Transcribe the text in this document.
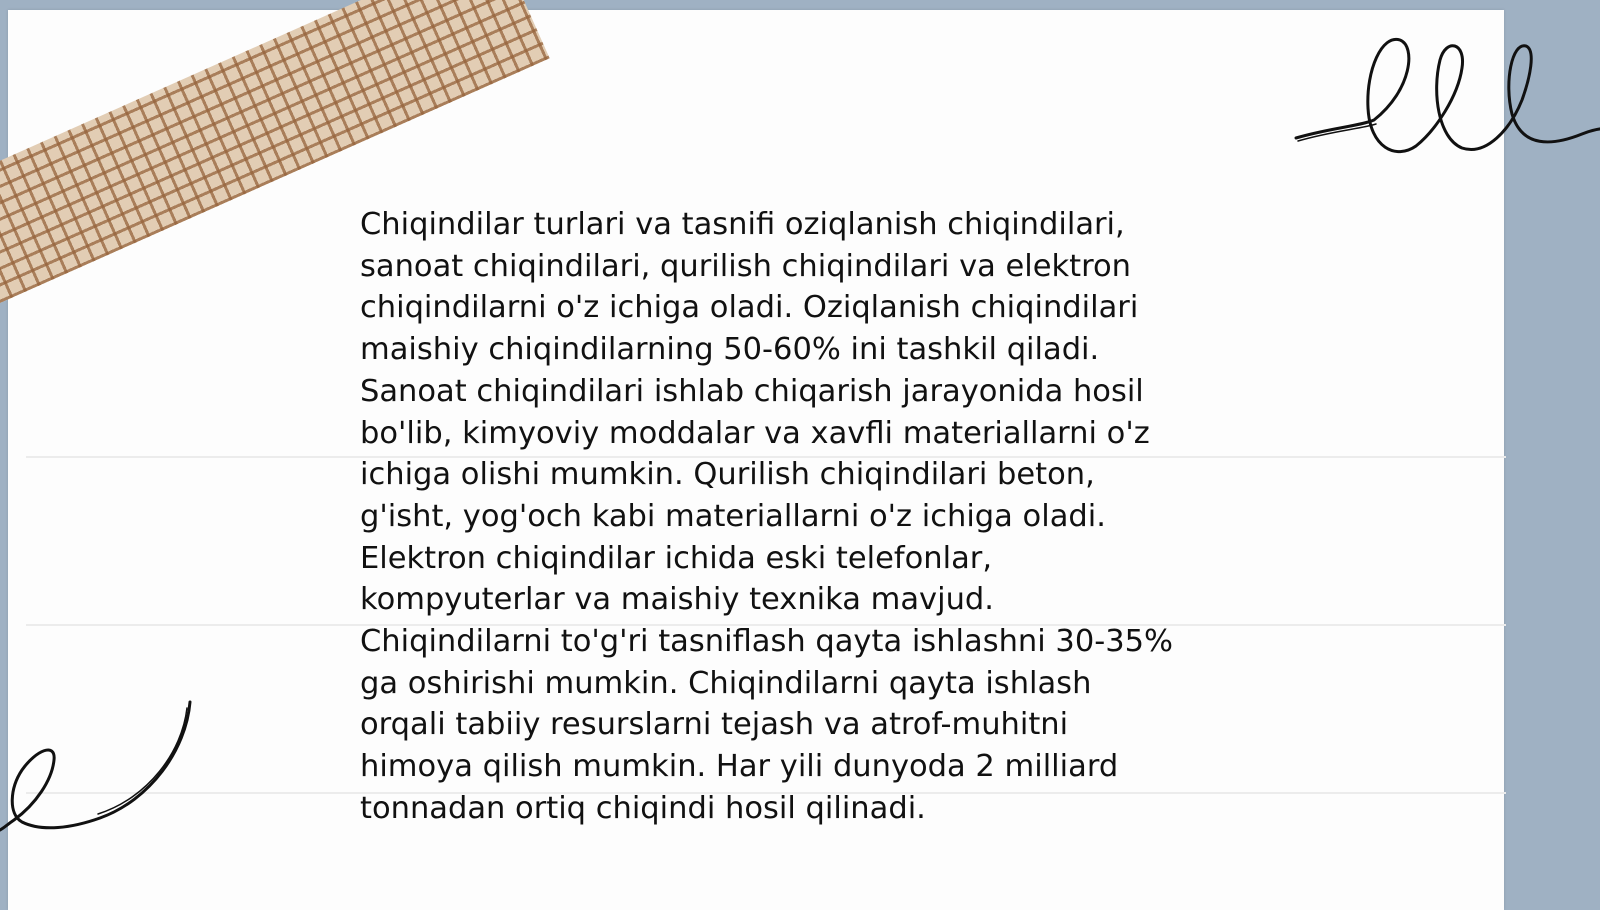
Chiqindilar turlari va tasnifi oziqlanish chiqindilari,
sanoat chiqindilari, qurilish chiqindilari va elektron
chiqindilarni o'z ichiga oladi. Oziqlanish chiqindilari
maishiy chiqindilarning 50-60% ini tashkil qiladi.
Sanoat chiqindilari ishlab chiqarish jarayonida hosil
bo'lib, kimyoviy moddalar va xavfli materiallarni o'z
ichiga olishi mumkin. Qurilish chiqindilari beton,
g'isht, yog'och kabi materiallarni o'z ichiga oladi.
Elektron chiqindilar ichida eski telefonlar,
kompyuterlar va maishiy texnika mavjud.
Chiqindilarni to'g'ri tasniflash qayta ishlashni 30-35%
ga oshirishi mumkin. Chiqindilarni qayta ishlash
orqali tabiiy resurslarni tejash va atrof-muhitni
himoya qilish mumkin. Har yili dunyoda 2 milliard
tonnadan ortiq chiqindi hosil qilinadi.
